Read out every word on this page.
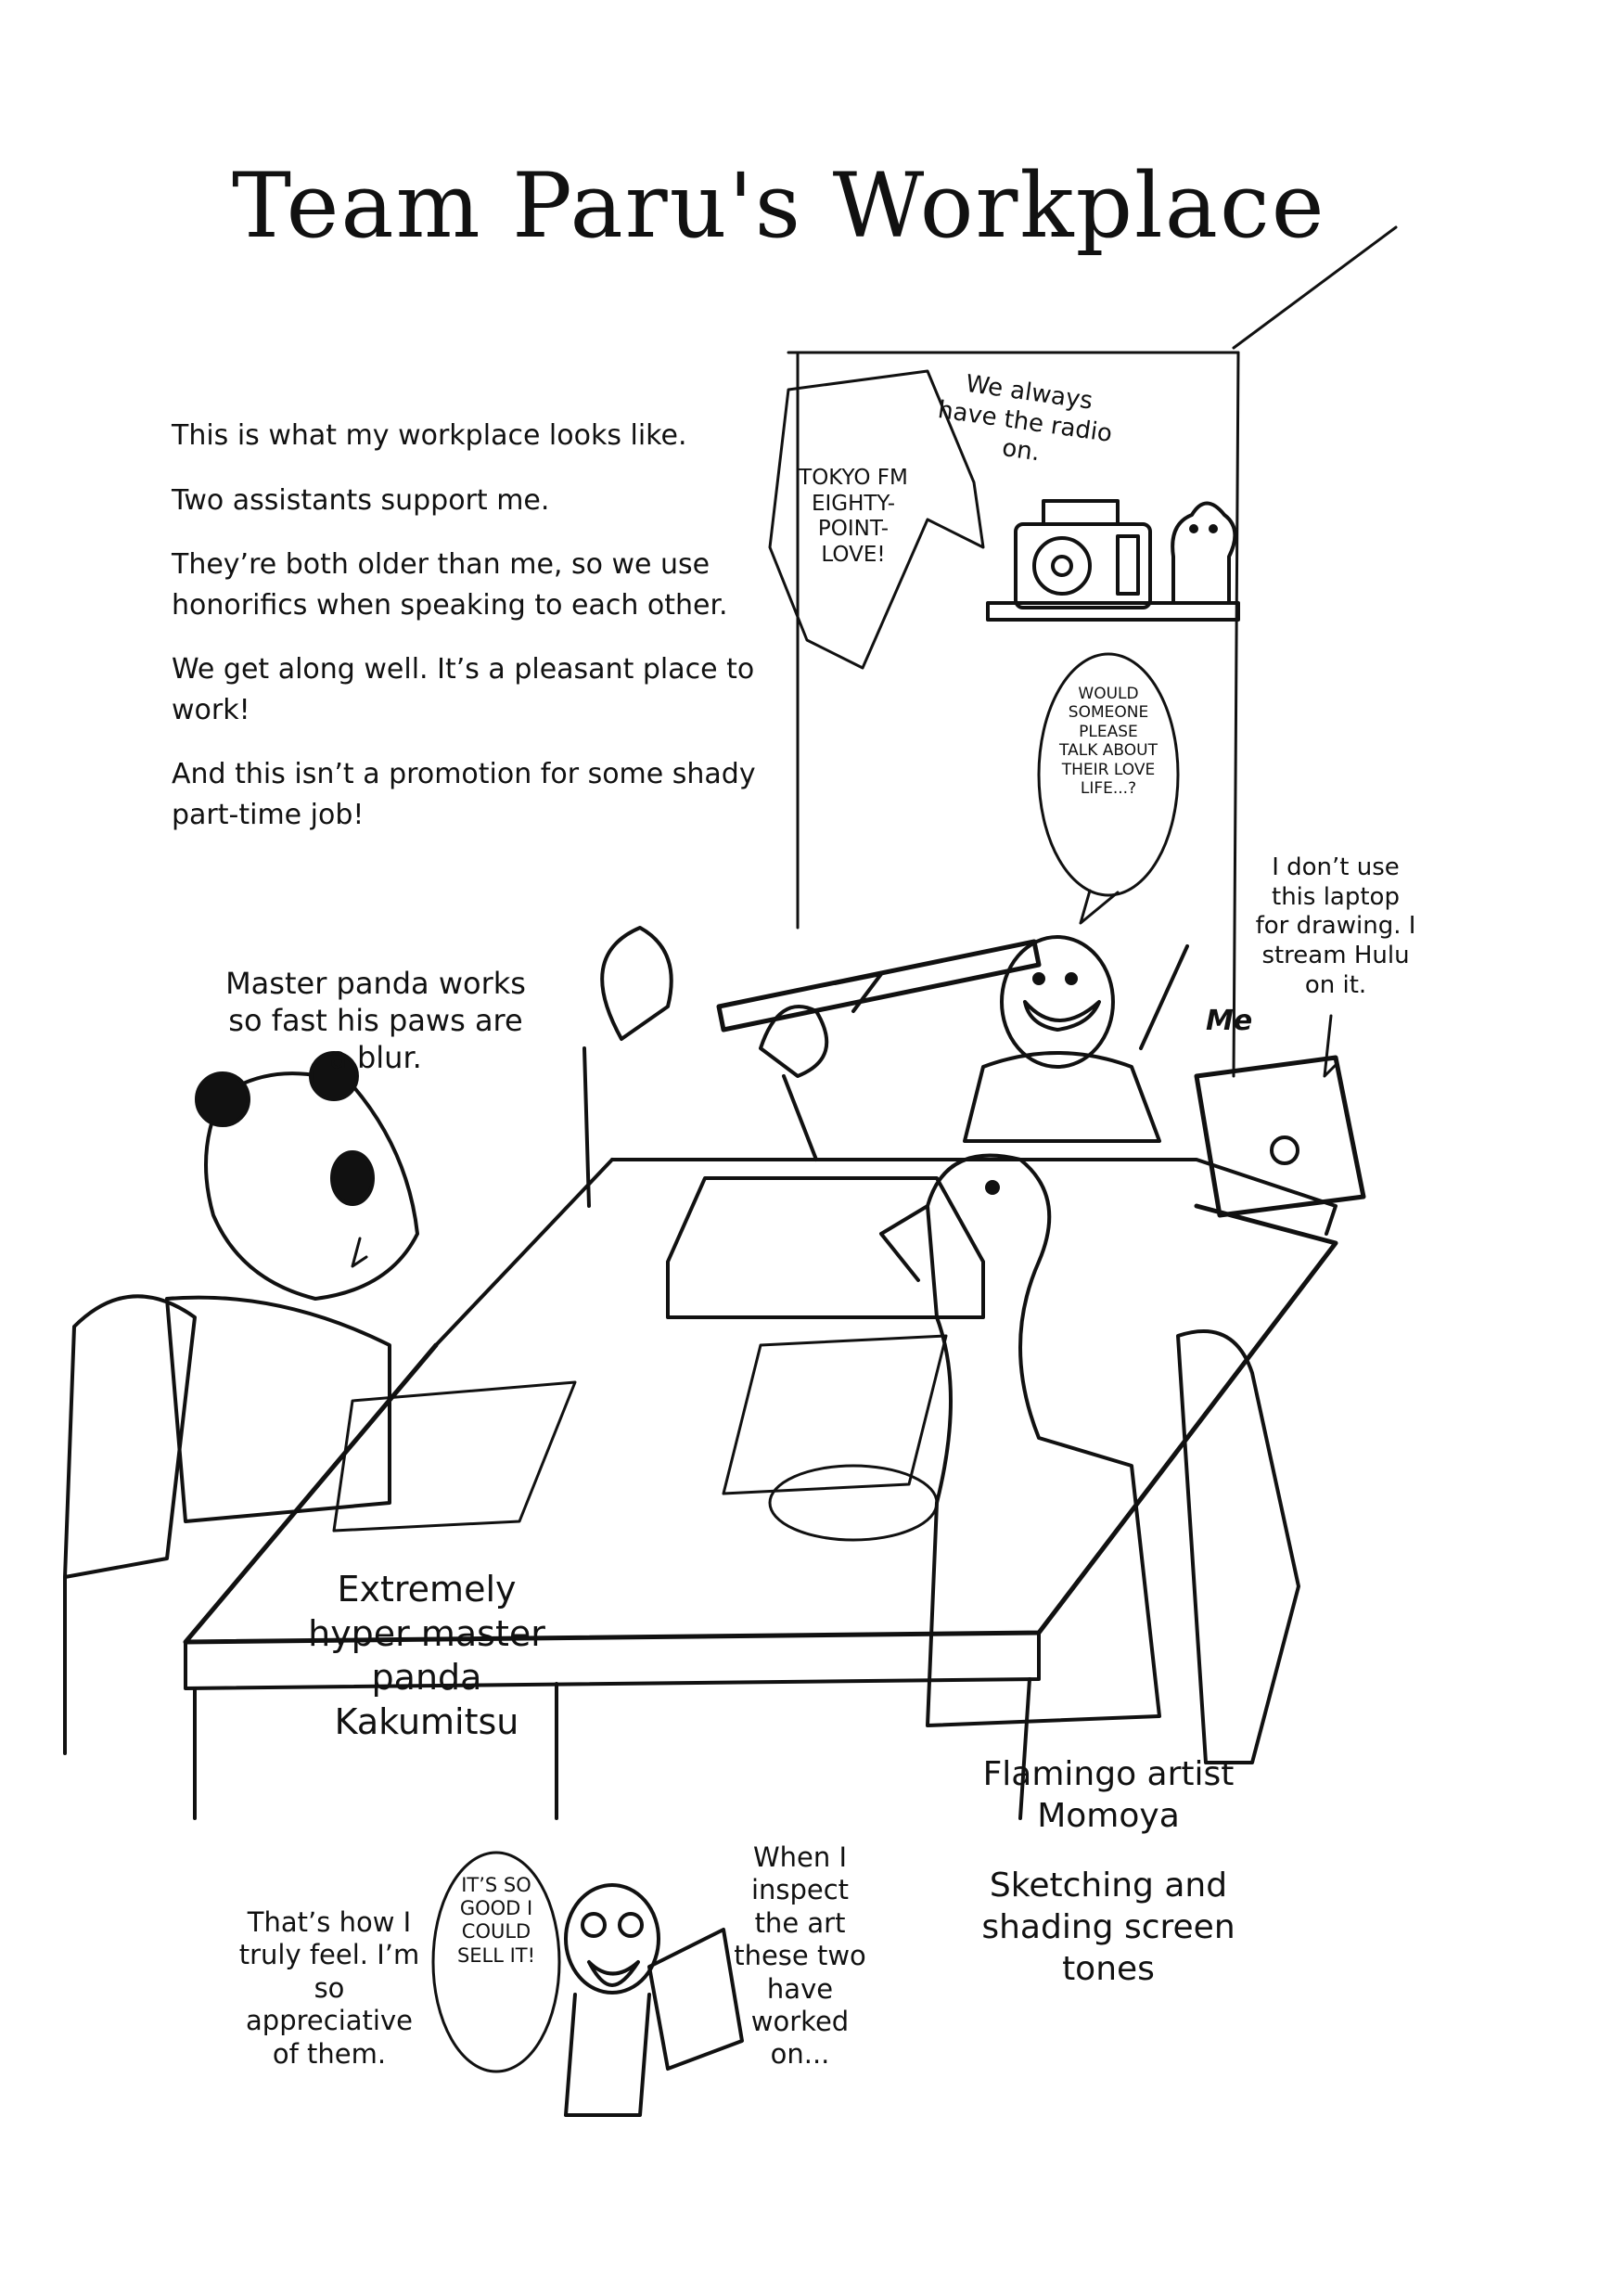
Team Paru's Workplace

This is what my workplace looks like.

Two assistants support me.

They’re both older than me, so we use honorifics when speaking to each other.

We get along well. It’s a pleasant place to work!

And this isn’t a promotion for some shady part-time job!

We always have the radio on.
TOKYO FM EIGHTY-POINT-LOVE!
WOULD SOMEONE PLEASE TALK ABOUT THEIR LOVE LIFE...?
I don’t use this laptop for drawing. I stream Hulu on it.
Me
Master panda works so fast his paws are a blur.
Extremely hyper master panda Kakumitsu
Flamingo artist Momoya
Sketching and shading screen tones
That’s how I truly feel. I’m so appreciative of them.
IT’S SO GOOD I COULD SELL IT!
When I inspect the art these two have worked on...
